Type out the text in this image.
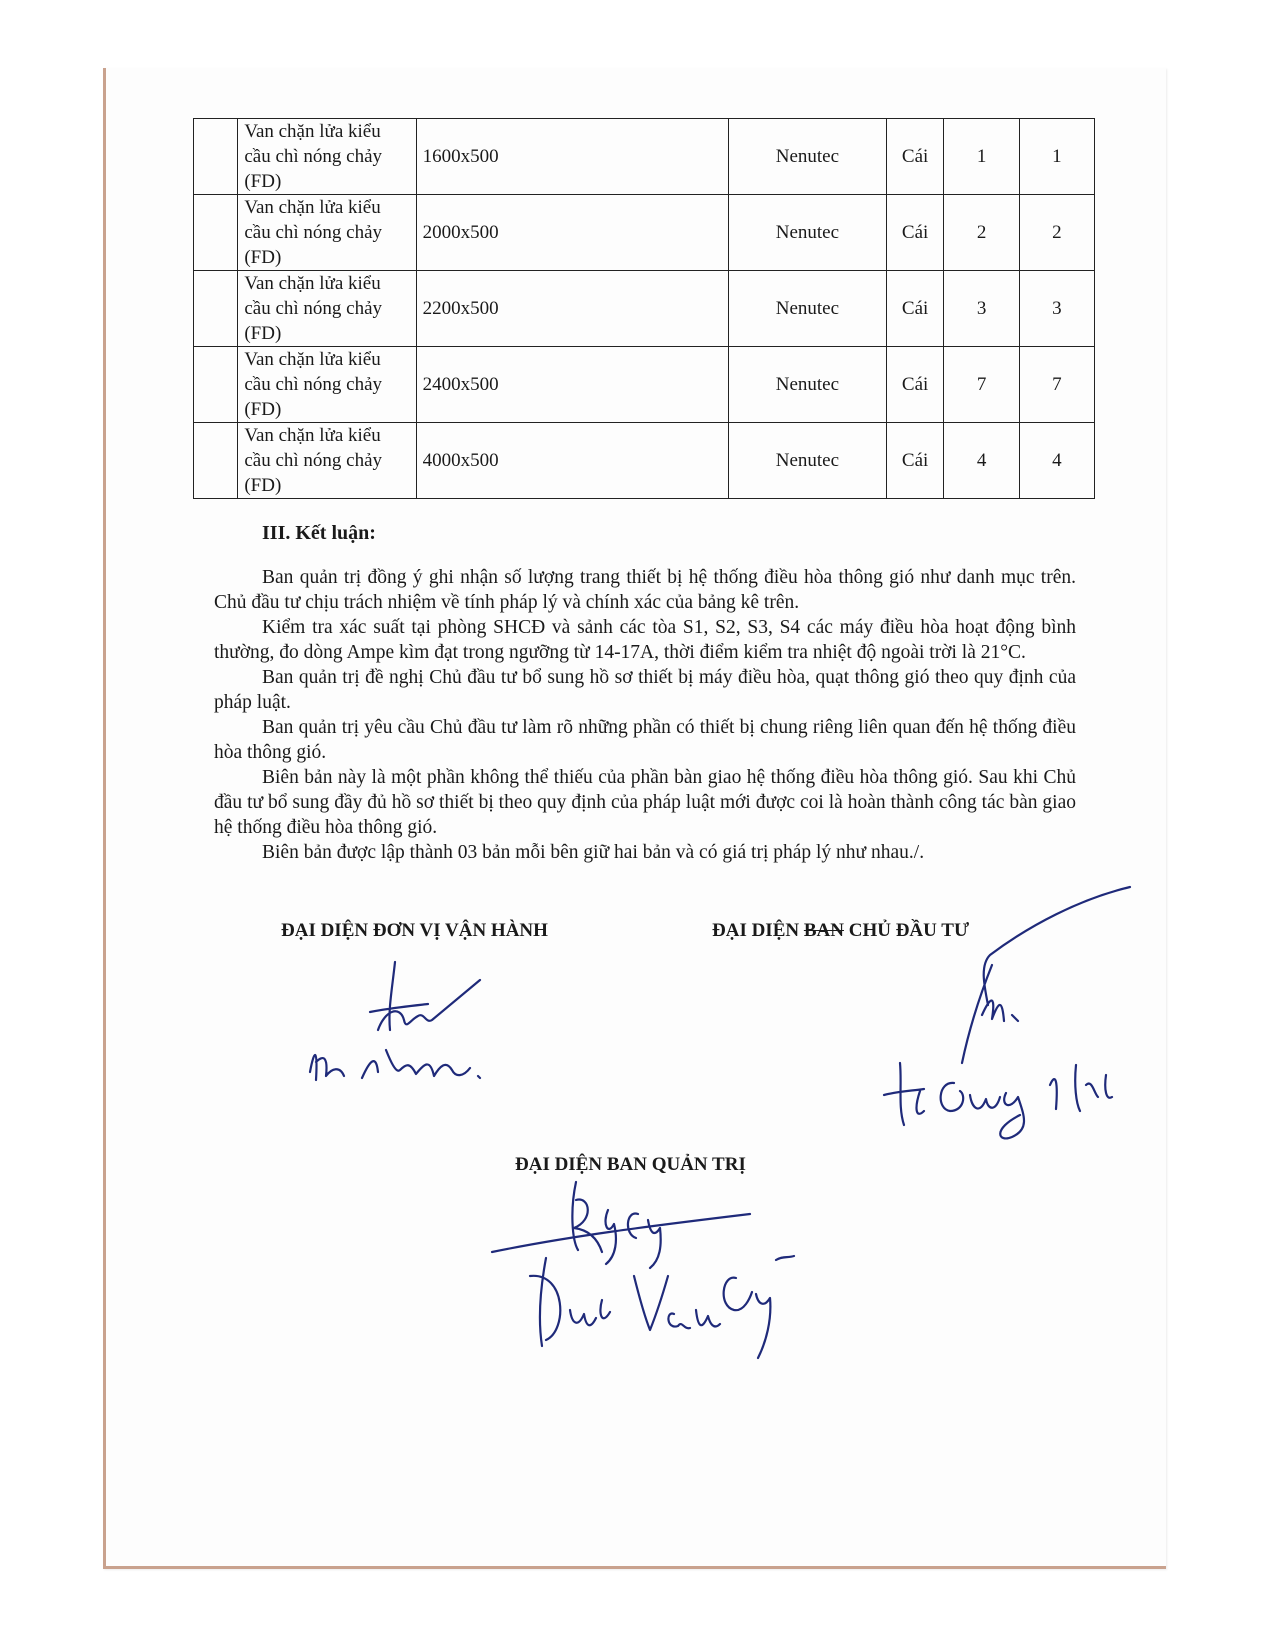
	Van chặn lửa kiểu cầu chì nóng chảy (FD)	1600x500	Nenutec	Cái	1	1
	Van chặn lửa kiểu cầu chì nóng chảy (FD)	2000x500	Nenutec	Cái	2	2
	Van chặn lửa kiểu cầu chì nóng chảy (FD)	2200x500	Nenutec	Cái	3	3
	Van chặn lửa kiểu cầu chì nóng chảy (FD)	2400x500	Nenutec	Cái	7	7
	Van chặn lửa kiểu cầu chì nóng chảy (FD)	4000x500	Nenutec	Cái	4	4
III. Kết luận:

Ban quản trị đồng ý ghi nhận số lượng trang thiết bị hệ thống điều hòa thông gió như danh mục trên. Chủ đầu tư chịu trách nhiệm về tính pháp lý và chính xác của bảng kê trên.

Kiểm tra xác suất tại phòng SHCĐ và sảnh các tòa S1, S2, S3, S4 các máy điều hòa hoạt động bình thường, đo dòng Ampe kìm đạt trong ngưỡng từ 14-17A, thời điểm kiểm tra nhiệt độ ngoài trời là 21°C.

Ban quản trị đề nghị Chủ đầu tư bổ sung hồ sơ thiết bị máy điều hòa, quạt thông gió theo quy định của pháp luật.

Ban quản trị yêu cầu Chủ đầu tư làm rõ những phần có thiết bị chung riêng liên quan đến hệ thống điều hòa thông gió.

Biên bản này là một phần không thể thiếu của phần bàn giao hệ thống điều hòa thông gió. Sau khi Chủ đầu tư bổ sung đầy đủ hồ sơ thiết bị theo quy định của pháp luật mới được coi là hoàn thành công tác bàn giao hệ thống điều hòa thông gió.

Biên bản được lập thành 03 bản mỗi bên giữ hai bản và có giá trị pháp lý như nhau./.

ĐẠI DIỆN ĐƠN VỊ VẬN HÀNH	ĐẠI DIỆN BAN CHỦ ĐẦU TƯ
ĐẠI DIỆN BAN QUẢN TRỊ
